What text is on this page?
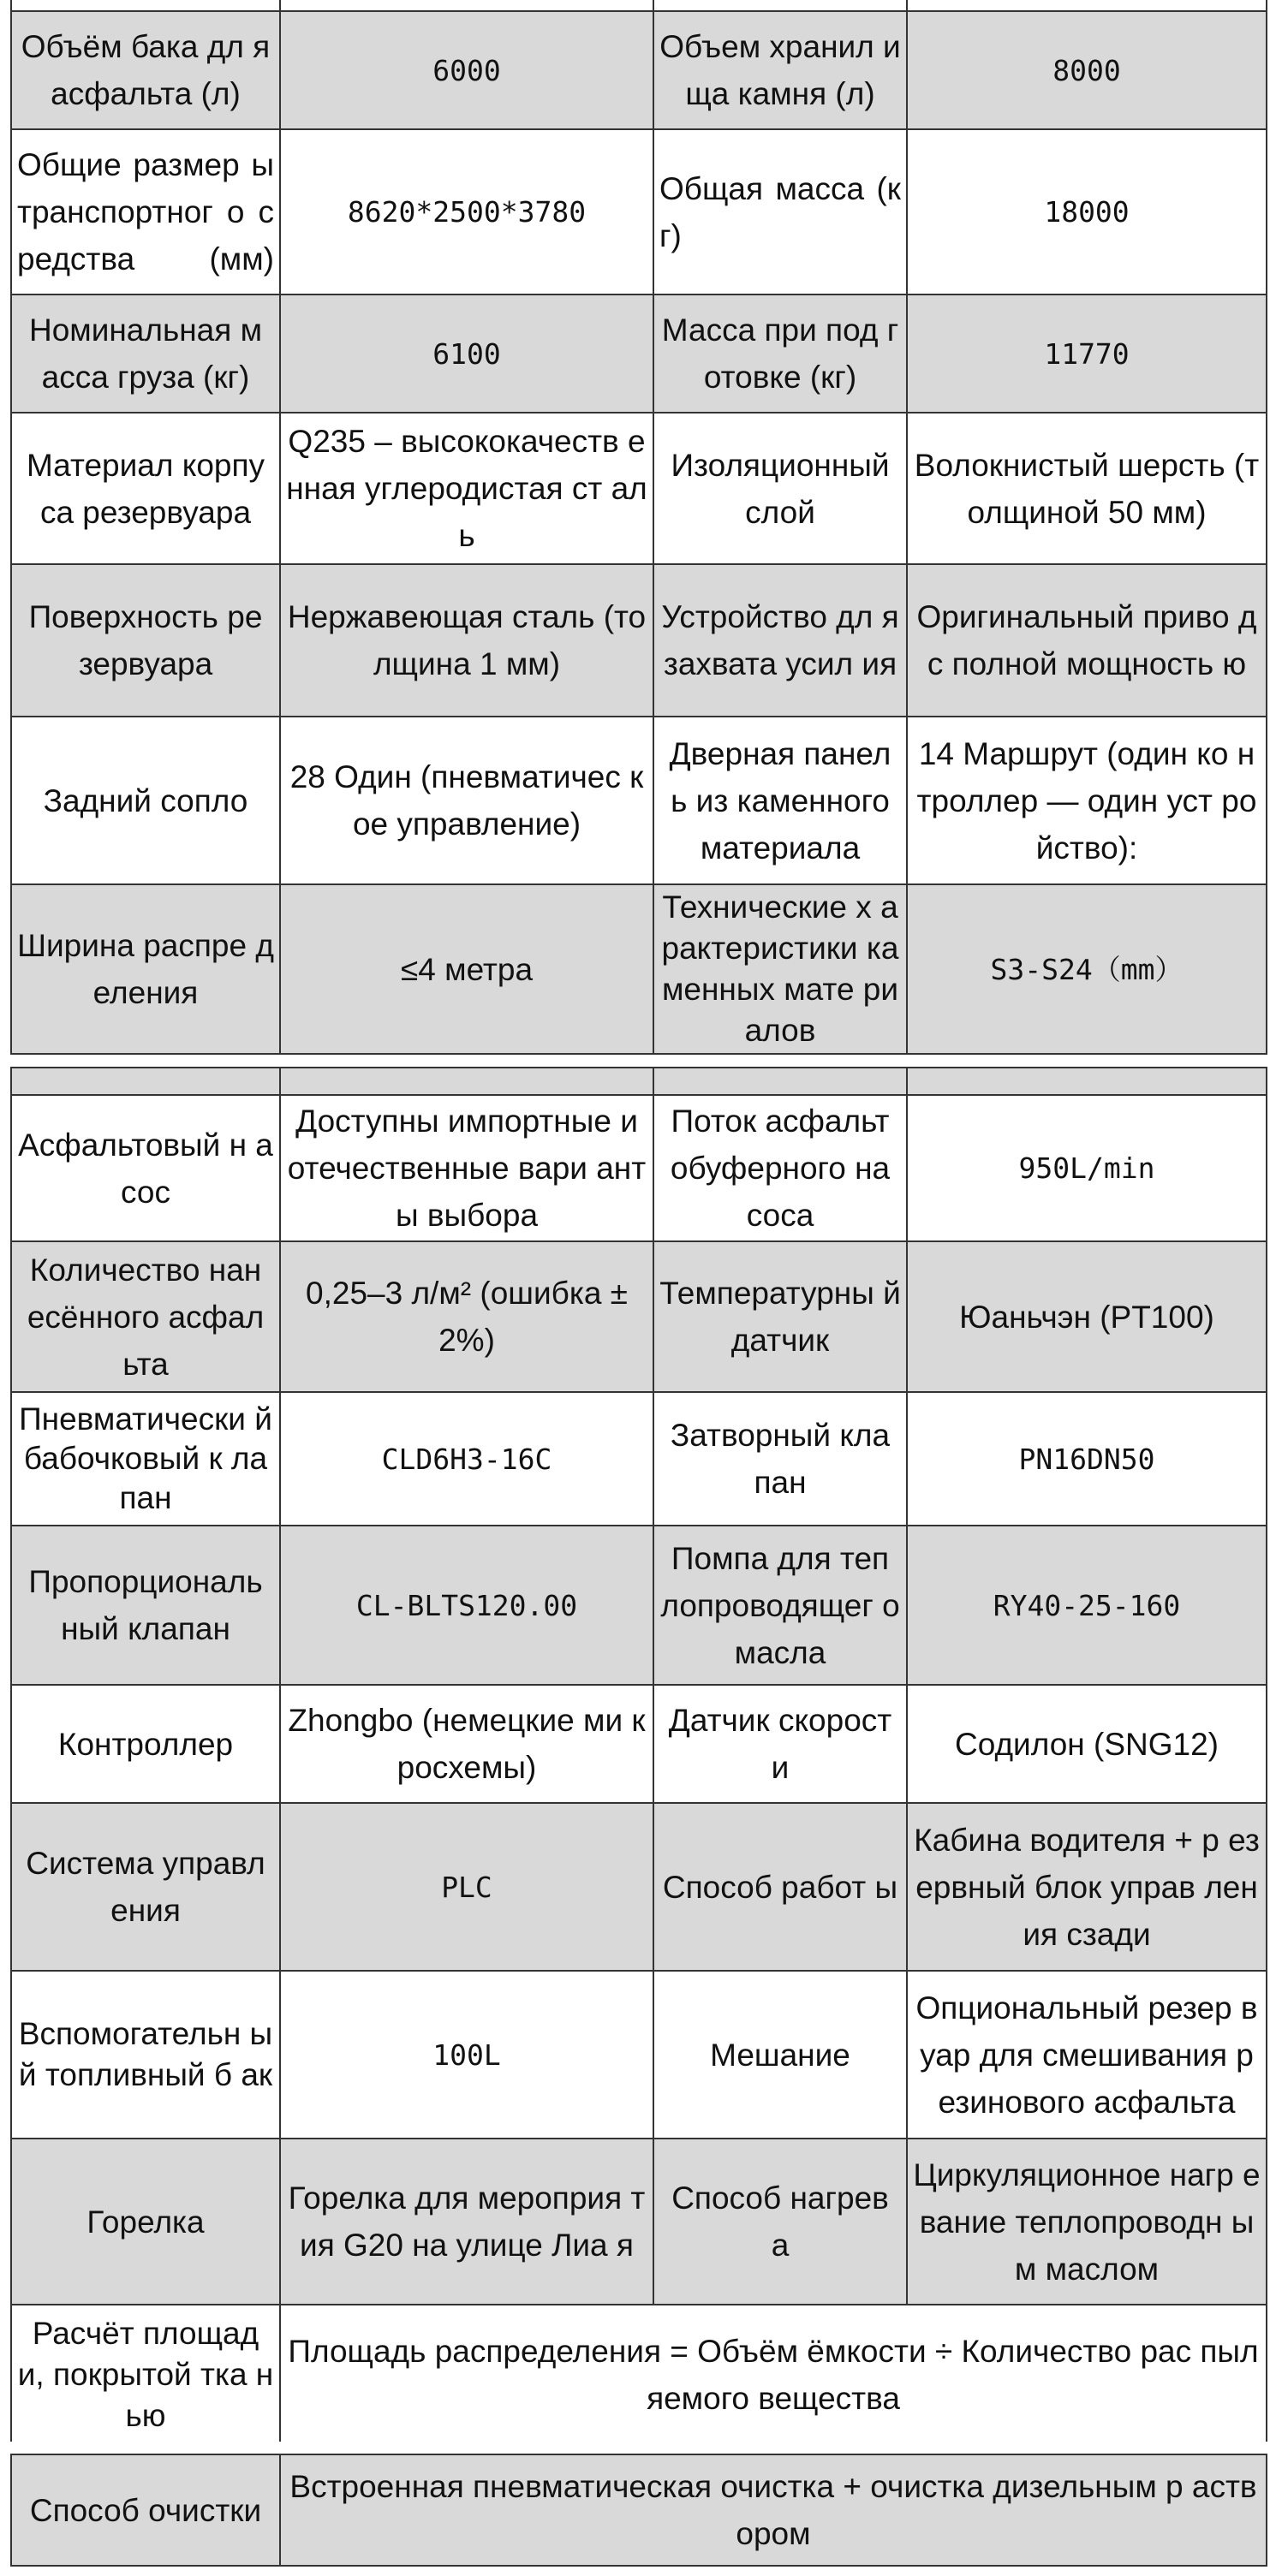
Объём бака дл я асфальта (л)	6000	Объем хранил ища камня (л)	8000
Общие размер ы транспортног о средства (мм)	8620*2500*3780	Общая масса (кг)	18000
Номинальная м асса груза (кг)	6100	Масса при под готовке (кг)	11770
Материал корпу са резервуара	Q235 – высококачеств енная углеродистая ст аль	Изоляционный слой	Волокнистый шерсть (толщиной 50 мм)
Поверхность ре зервуара	Нержавеющая сталь (толщина 1 мм)	Устройство дл я захвата усил ия	Оригинальный приво д с полной мощность ю
Задний сопло	28 Один (пневматичес кое управление)	Дверная панел ь из каменного материала	14 Маршрут (один ко нтроллер — один уст ройство):
Ширина распре деления	≤4 метра	Технические х арактеристики каменных мате риалов	S3-S24（mm）

Асфальтовый н асос	Доступны импортные и отечественные вари анты выбора	Поток асфальт обуферного на соса	950L/min
Количество нан есённого асфал ьта	0,25–3 л/м² (ошибка ± 2%)	Температурны й датчик	Юаньчэн (PT100)
Пневматически й бабочковый к лапан	CLD6H3-16C	Затворный кла пан	PN16DN50
Пропорциональ ный клапан	CL-BLTS120.00	Помпа для теп лопроводящег о масла	RY40-25-160
Контроллер	Zhongbo (немецкие ми кросхемы)	Датчик скорост и	Содилон (SNG12)
Система управл ения	PLC	Способ работ ы	Кабина водителя + р езервный блок управ ления сзади
Вспомогательн ый топливный б ак	100L	Мешание	Опциональный резер вуар для смешивания резинового асфальта
Горелка	Горелка для мероприя тия G20 на улице Лиа я	Способ нагрев а	Циркуляционное нагр евание теплопроводн ым маслом
Расчёт площад и, покрытой тка нью	Площадь распределения = Объём ёмкости ÷ Количество рас пыляемого вещества		
Способ очистки	Встроенная пневматическая очистка + очистка дизельным р аствором
